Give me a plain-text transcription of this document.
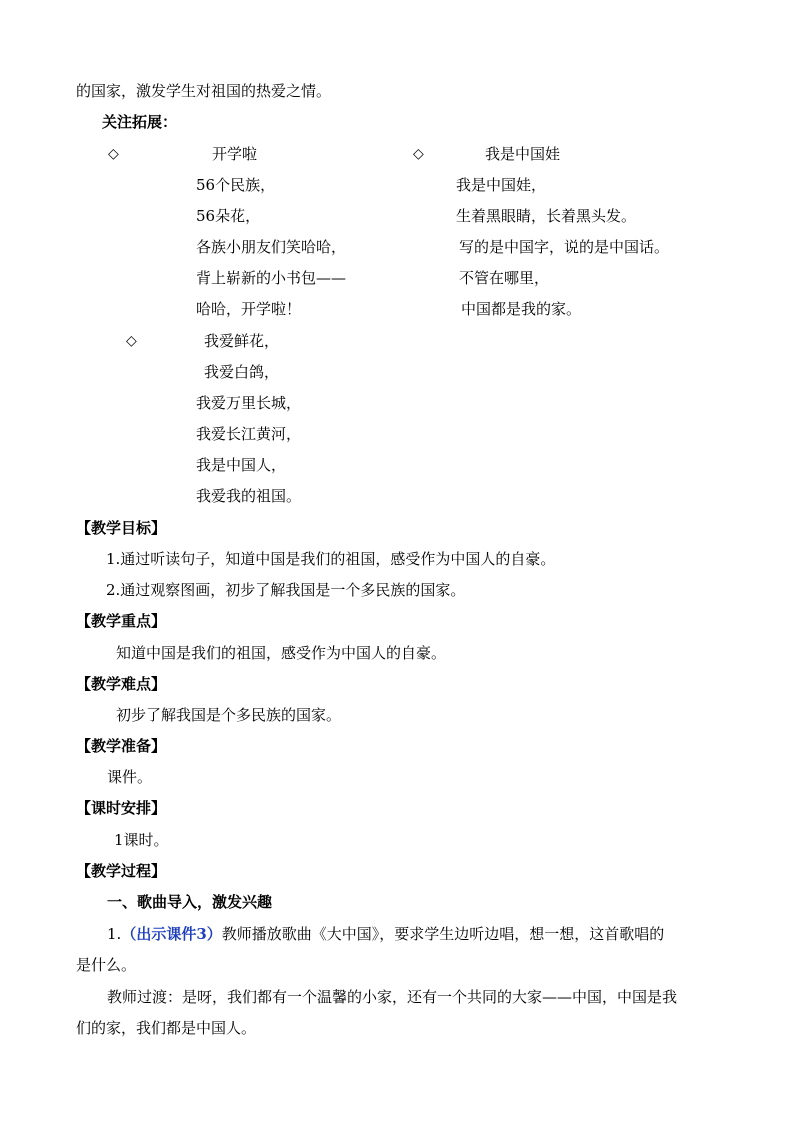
的国家，激发学生对祖国的热爱之情。
关注拓展：
◇	开学啦	◇	我是中国娃
56个民族，
56朵花，
各族小朋友们笑哈哈，
背上崭新的小书包——
哈哈，开学啦！
我是中国娃，
生着黑眼睛，长着黑头发。
写的是中国字，说的是中国话。
不管在哪里，
中国都是我的家。
◇	我爱鲜花，
我爱白鸽，
我爱万里长城，
我爱长江黄河，
我是中国人，
我爱我的祖国。
【教学目标】
1.通过听读句子，知道中国是我们的祖国，感受作为中国人的自豪。
2.通过观察图画，初步了解我国是一个多民族的国家。
【教学重点】
知道中国是我们的祖国，感受作为中国人的自豪。
【教学难点】
初步了解我国是个多民族的国家。
【教学准备】
课件。
【课时安排】
1课时。
【教学过程】
一、歌曲导入，激发兴趣
1.（出示课件3）教师播放歌曲《大中国》，要求学生边听边唱，想一想，这首歌唱的
是什么。
教师过渡：是呀，我们都有一个温馨的小家，还有一个共同的大家——中国，中国是我
们的家，我们都是中国人。
